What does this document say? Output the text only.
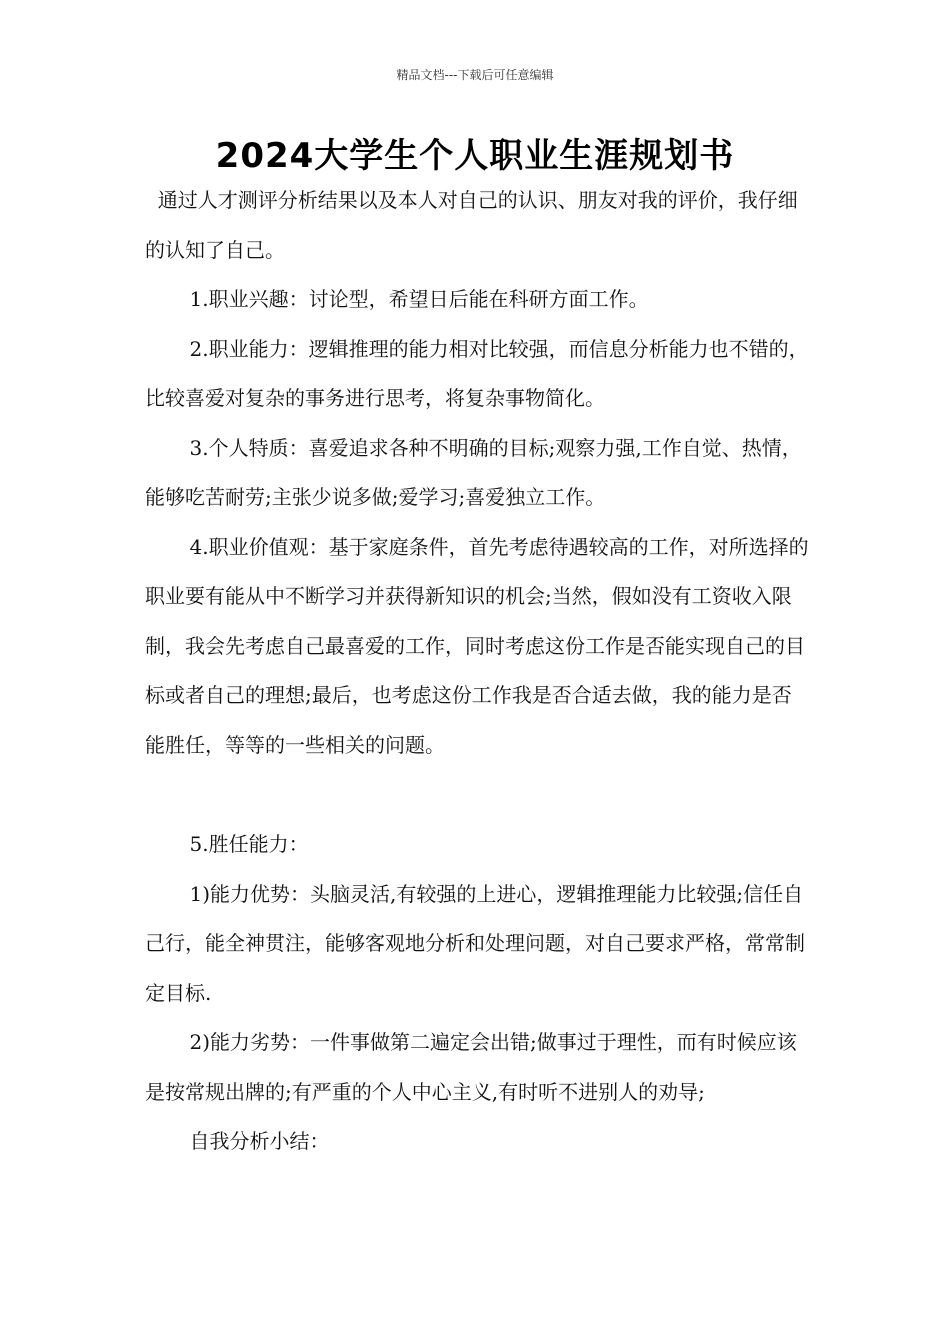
精品文档---下载后可任意编辑
2024大学生个人职业生涯规划书

通过人才测评分析结果以及本人对自己的认识、朋友对我的评价，我仔细的认知了自己。

1.职业兴趣：讨论型，希望日后能在科研方面工作。

2.职业能力：逻辑推理的能力相对比较强，而信息分析能力也不错的，比较喜爱对复杂的事务进行思考，将复杂事物简化。

3.个人特质：喜爱追求各种不明确的目标;观察力强,工作自觉、热情，能够吃苦耐劳;主张少说多做;爱学习;喜爱独立工作。

4.职业价值观：基于家庭条件，首先考虑待遇较高的工作，对所选择的职业要有能从中不断学习并获得新知识的机会;当然，假如没有工资收入限制，我会先考虑自己最喜爱的工作，同时考虑这份工作是否能实现自己的目标或者自己的理想;最后，也考虑这份工作我是否合适去做，我的能力是否能胜任，等等的一些相关的问题。

5.胜任能力：

1)能力优势：头脑灵活,有较强的上进心，逻辑推理能力比较强;信任自己行，能全神贯注，能够客观地分析和处理问题，对自己要求严格，常常制定目标.

2)能力劣势：一件事做第二遍定会出错;做事过于理性，而有时候应该是按常规出牌的;有严重的个人中心主义,有时听不进别人的劝导;

自我分析小结：
